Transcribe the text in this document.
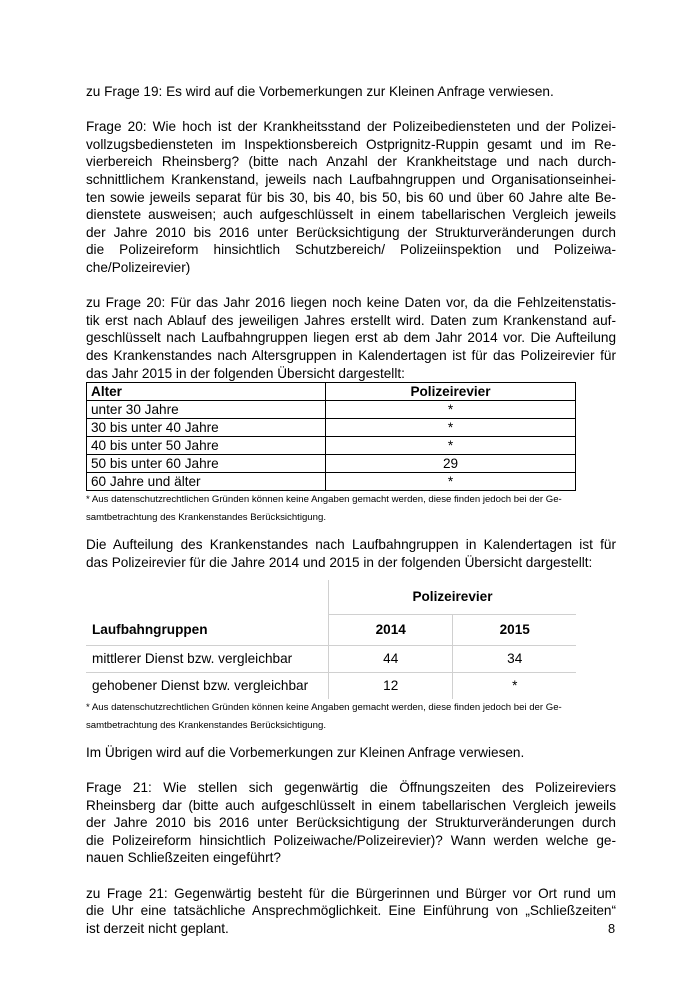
zu Frage 19: Es wird auf die Vorbemerkungen zur Kleinen Anfrage verwiesen.
Frage 20: Wie hoch ist der Krankheitsstand der Polizeibediensteten und der Polizei-
vollzugsbediensteten im Inspektionsbereich Ostprignitz-Ruppin gesamt und im Re-
vierbereich Rheinsberg? (bitte nach Anzahl der Krankheitstage und nach durch-
schnittlichem Krankenstand, jeweils nach Laufbahngruppen und Organisationseinhei-
ten sowie jeweils separat für bis 30, bis 40, bis 50, bis 60 und über 60 Jahre alte Be-
dienstete ausweisen; auch aufgeschlüsselt in einem tabellarischen Vergleich jeweils
der Jahre 2010 bis 2016 unter Berücksichtigung der Strukturveränderungen durch
die Polizeireform hinsichtlich Schutzbereich/ Polizeiinspektion und Polizeiwa-
che/Polizeirevier)
zu Frage 20: Für das Jahr 2016 liegen noch keine Daten vor, da die Fehlzeitenstatis-
tik erst nach Ablauf des jeweiligen Jahres erstellt wird. Daten zum Krankenstand auf-
geschlüsselt nach Laufbahngruppen liegen erst ab dem Jahr 2014 vor. Die Aufteilung
des Krankenstandes nach Altersgruppen in Kalendertagen ist für das Polizeirevier für
das Jahr 2015 in der folgenden Übersicht dargestellt:
Alter	Polizeirevier
unter 30 Jahre	*
30 bis unter 40 Jahre	*
40 bis unter 50 Jahre	*
50 bis unter 60 Jahre	29
60 Jahre und älter	*
* Aus datenschutzrechtlichen Gründen können keine Angaben gemacht werden, diese finden jedoch bei der Ge-
samtbetrachtung des Krankenstandes Berücksichtigung.
Die Aufteilung des Krankenstandes nach Laufbahngruppen in Kalendertagen ist für
das Polizeirevier für die Jahre 2014 und 2015 in der folgenden Übersicht dargestellt:
	Polizeirevier	
Laufbahngruppen	2014	2015
mittlerer Dienst bzw. vergleichbar	44	34
gehobener Dienst bzw. vergleichbar	12	*
* Aus datenschutzrechtlichen Gründen können keine Angaben gemacht werden, diese finden jedoch bei der Ge-
samtbetrachtung des Krankenstandes Berücksichtigung.
Im Übrigen wird auf die Vorbemerkungen zur Kleinen Anfrage verwiesen.
Frage 21: Wie stellen sich gegenwärtig die Öffnungszeiten des Polizeireviers
Rheinsberg dar (bitte auch aufgeschlüsselt in einem tabellarischen Vergleich jeweils
der Jahre 2010 bis 2016 unter Berücksichtigung der Strukturveränderungen durch
die Polizeireform hinsichtlich Polizeiwache/Polizeirevier)? Wann werden welche ge-
nauen Schließzeiten eingeführt?
zu Frage 21: Gegenwärtig besteht für die Bürgerinnen und Bürger vor Ort rund um
die Uhr eine tatsächliche Ansprechmöglichkeit. Eine Einführung von „Schließzeiten“
ist derzeit nicht geplant.	8
